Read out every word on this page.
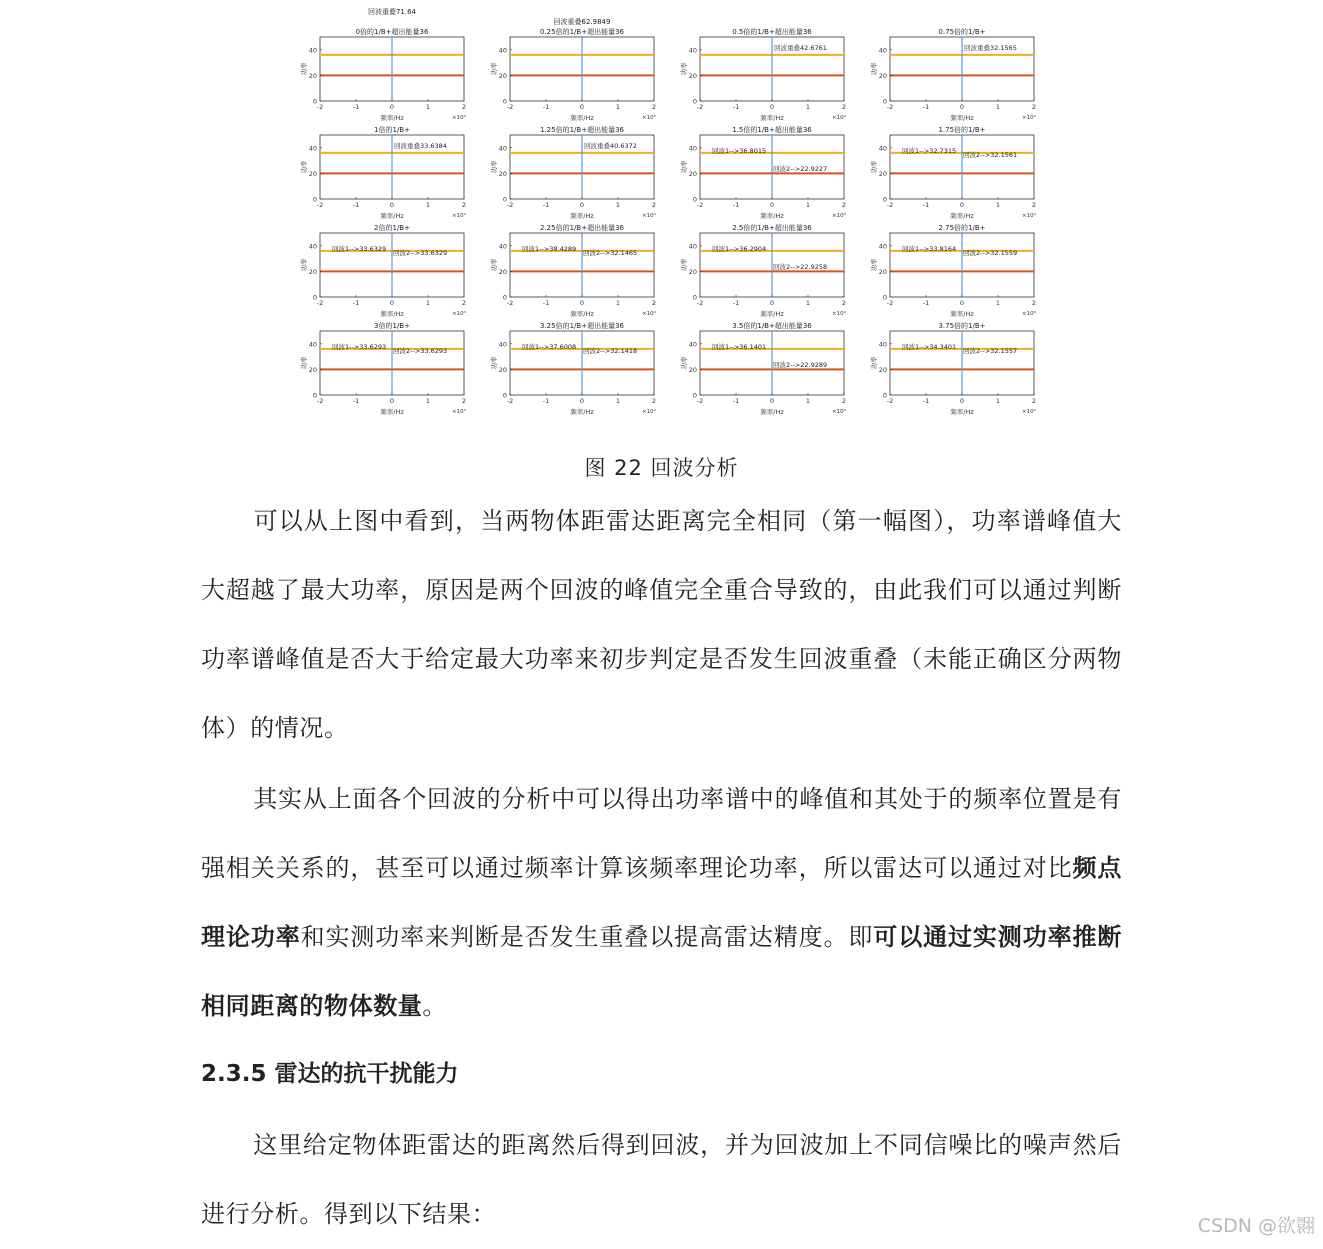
-2	-1	0	1	2
0
20
40
×10⁴
频率/Hz
功率
0倍的1/B+超出能量36
回波重叠71.64
-2	-1	0	1	2
0
20
40
×10⁴
频率/Hz
功率
0.25倍的1/B+超出能量36
回波重叠62.9849
-2	-1	0	1	2
0
20
40
×10⁴
频率/Hz
功率
0.5倍的1/B+超出能量36
回波重叠42.6761
-2	-1	0	1	2
0
20
40
×10⁴
频率/Hz
功率
0.75倍的1/B+
回波重叠32.1565
-2	-1	0	1	2
0
20
40
×10⁴
频率/Hz
功率
1倍的1/B+
回波重叠33.6384
-2	-1	0	1	2
0
20
40
×10⁴
频率/Hz
功率
1.25倍的1/B+超出能量36
回波重叠40.6372
-2	-1	0	1	2
0
20
40
×10⁴
频率/Hz
功率
1.5倍的1/B+超出能量36
回波1-->36.8015
回波2-->22.9227
-2	-1	0	1	2
0
20
40
×10⁴
频率/Hz
功率
1.75倍的1/B+
回波1-->32.7315 回波2-->32.1561
-2	-1	0	1	2
0
20
40
×10⁴
频率/Hz
功率
2倍的1/B+
回波1-->33.6329 回波2-->33.6329
-2	-1	0	1	2
0
20
40
×10⁴
频率/Hz
功率
2.25倍的1/B+超出能量36
回波1-->38.4289 回波2-->32.1465
-2	-1	0	1	2
0
20
40
×10⁴
频率/Hz
功率
2.5倍的1/B+超出能量36
回波1-->36.2904
回波2-->22.9258
-2	-1	0	1	2
0
20
40
×10⁴
频率/Hz
功率
2.75倍的1/B+
回波1-->33.8164 回波2-->32.1559
-2	-1	0	1	2
0
20
40
×10⁴
频率/Hz
功率
3倍的1/B+
回波1-->33.6293 回波2-->33.6293
-2	-1	0	1	2
0
20
40
×10⁴
频率/Hz
功率
3.25倍的1/B+超出能量36
回波1-->37.6008 回波2-->32.1418
-2	-1	0	1	2
0
20
40
×10⁴
频率/Hz
功率
3.5倍的1/B+超出能量36
回波1-->36.1401
回波2-->22.9289
-2	-1	0	1	2
0
20
40
×10⁴
频率/Hz
功率
3.75倍的1/B+
回波1-->34.3401 回波2-->32.1557
图 22 回波分析

可以从上图中看到，当两物体距雷达距离完全相同（第一幅图），功率谱峰值大大超越了最大功率，原因是两个回波的峰值完全重合导致的，由此我们可以通过判断功率谱峰值是否大于给定最大功率来初步判定是否发生回波重叠（未能正确区分两物体）的情况。

其实从上面各个回波的分析中可以得出功率谱中的峰值和其处于的频率位置是有强相关关系的，甚至可以通过频率计算该频率理论功率，所以雷达可以通过对比频点理论功率和实测功率来判断是否发生重叠以提高雷达精度。即可以通过实测功率推断相同距离的物体数量。

2.3.5 雷达的抗干扰能力

这里给定物体距雷达的距离然后得到回波，并为回波加上不同信噪比的噪声然后进行分析。得到以下结果：	CSDN @欲翾
